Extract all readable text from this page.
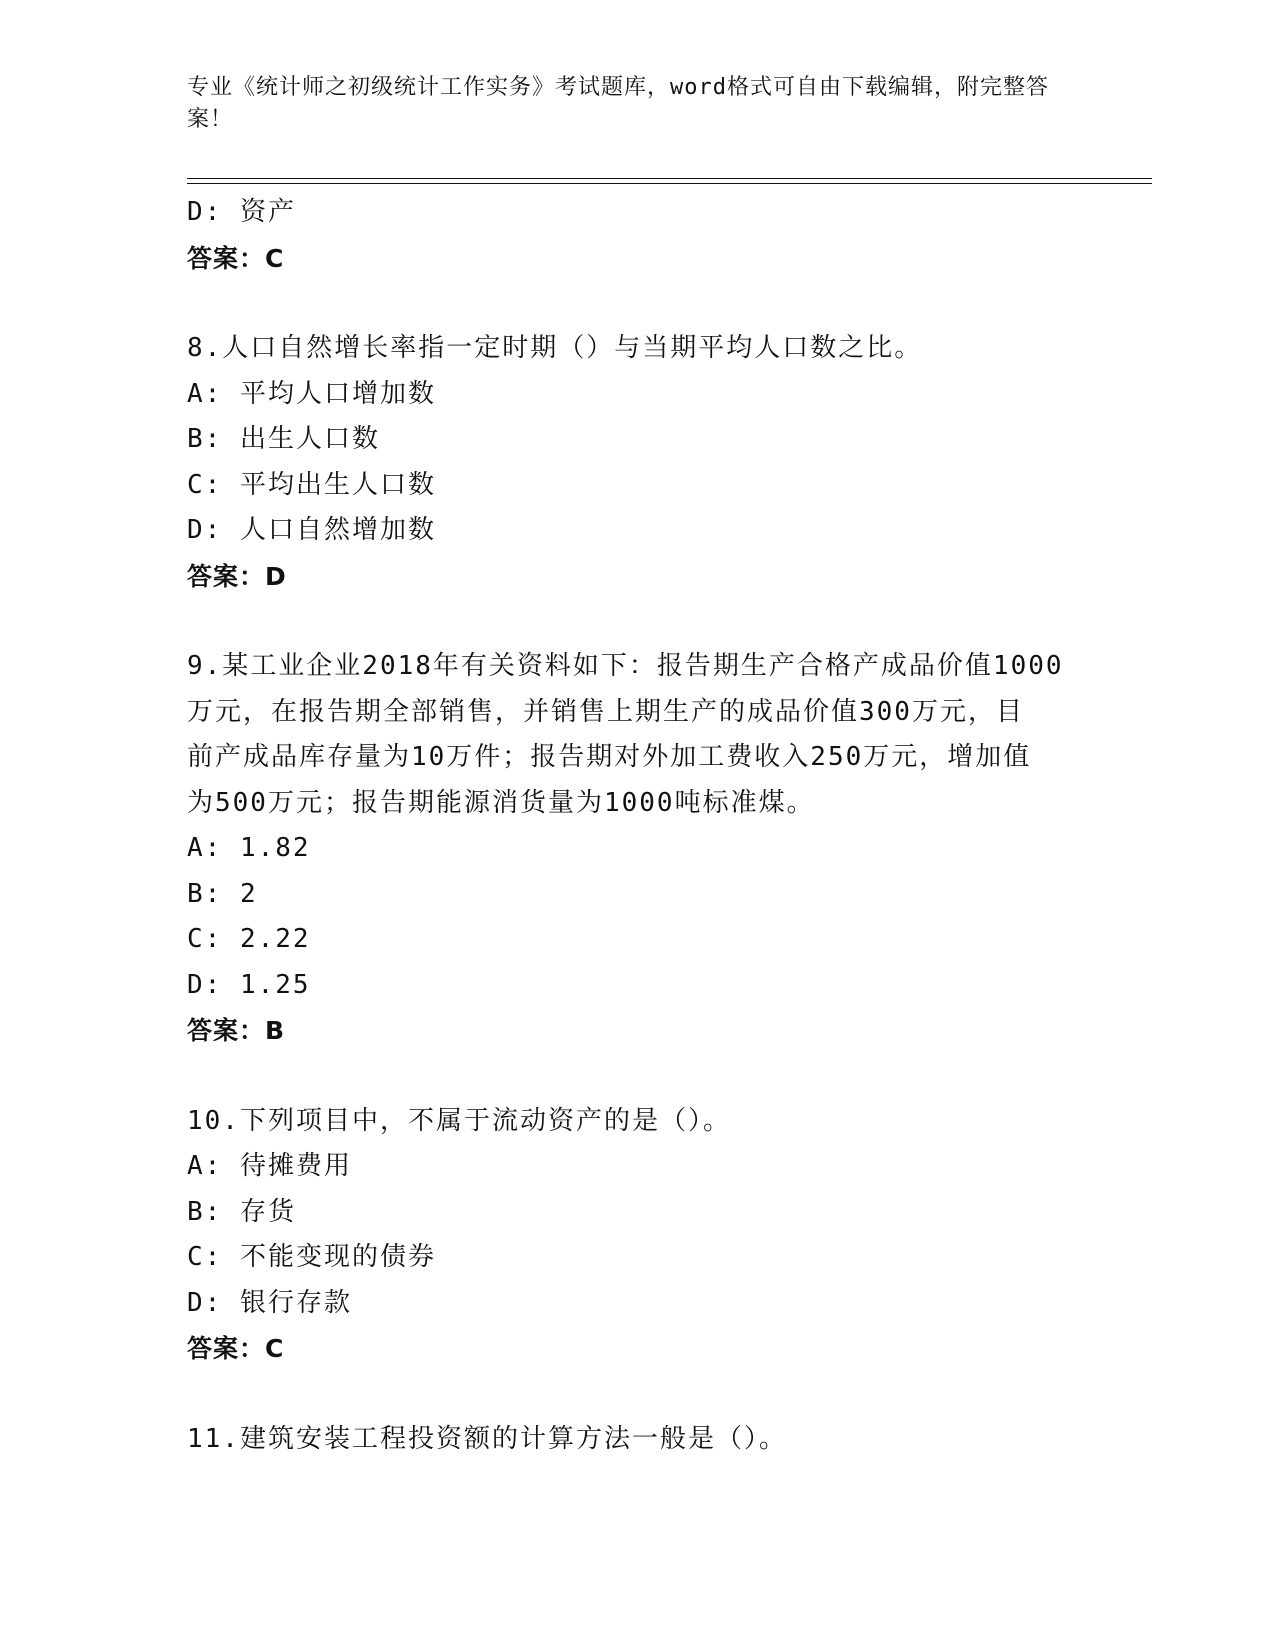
专业《统计师之初级统计工作实务》考试题库，word格式可自由下载编辑，附完整答案！
D: 资产
答案：C
8.人口自然增长率指一定时期（）与当期平均人口数之比。
A: 平均人口增加数
B: 出生人口数
C: 平均出生人口数
D: 人口自然增加数
答案：D
9.某工业企业2018年有关资料如下：报告期生产合格产成品价值1000
万元，在报告期全部销售，并销售上期生产的成品价值300万元，目
前产成品库存量为10万件；报告期对外加工费收入250万元，增加值
为500万元；报告期能源消货量为1000吨标准煤。
A: 1.82
B: 2
C: 2.22
D: 1.25
答案：B
10.下列项目中，不属于流动资产的是（）。
A: 待摊费用
B: 存货
C: 不能变现的债券
D: 银行存款
答案：C
11.建筑安装工程投资额的计算方法一般是（）。
